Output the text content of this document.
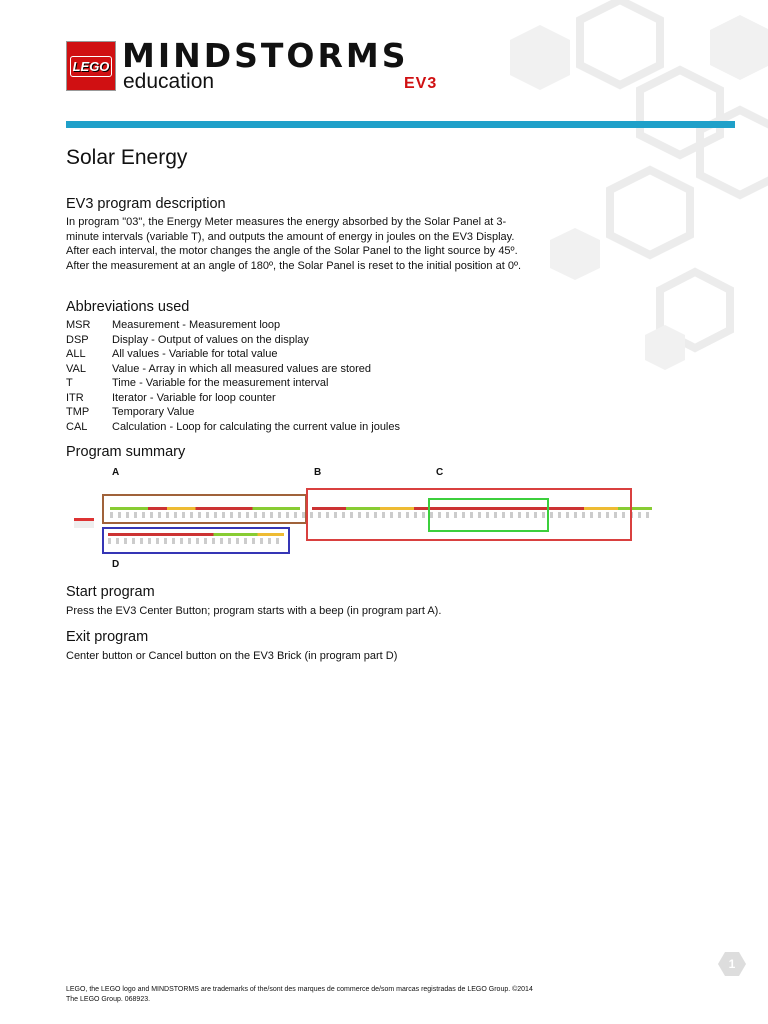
LEGO MINDSTORMS
education	EV3
Solar Energy
EV3 program description

In program "03", the Energy Meter measures the energy absorbed by the Solar Panel at 3-minute intervals (variable T), and outputs the amount of energy in joules on the EV3 Display. After each interval, the motor changes the angle of the Solar Panel to the light source by 45º. After the measurement at an angle of 180º, the Solar Panel is reset to the initial position at 0º.

Abbreviations used
MSR	Measurement - Measurement loop
DSP	Display - Output of values on the display
ALL	All values - Variable for total value
VAL	Value - Array in which all measured values are stored
T	Time - Variable for the measurement interval
ITR	Iterator - Variable for loop counter
TMP	Temporary Value
CAL	Calculation - Loop for calculating the current value in joules
Program summary
A	B	C
D
Start program

Press the EV3 Center Button; program starts with a beep (in program part A).

Exit program

Center button or Cancel button on the EV3 Brick (in program part D)

LEGO, the LEGO logo and MINDSTORMS are trademarks of the/sont des marques de commerce de/som marcas registradas de LEGO Group. ©2014 The LEGO Group. 068923.
1
